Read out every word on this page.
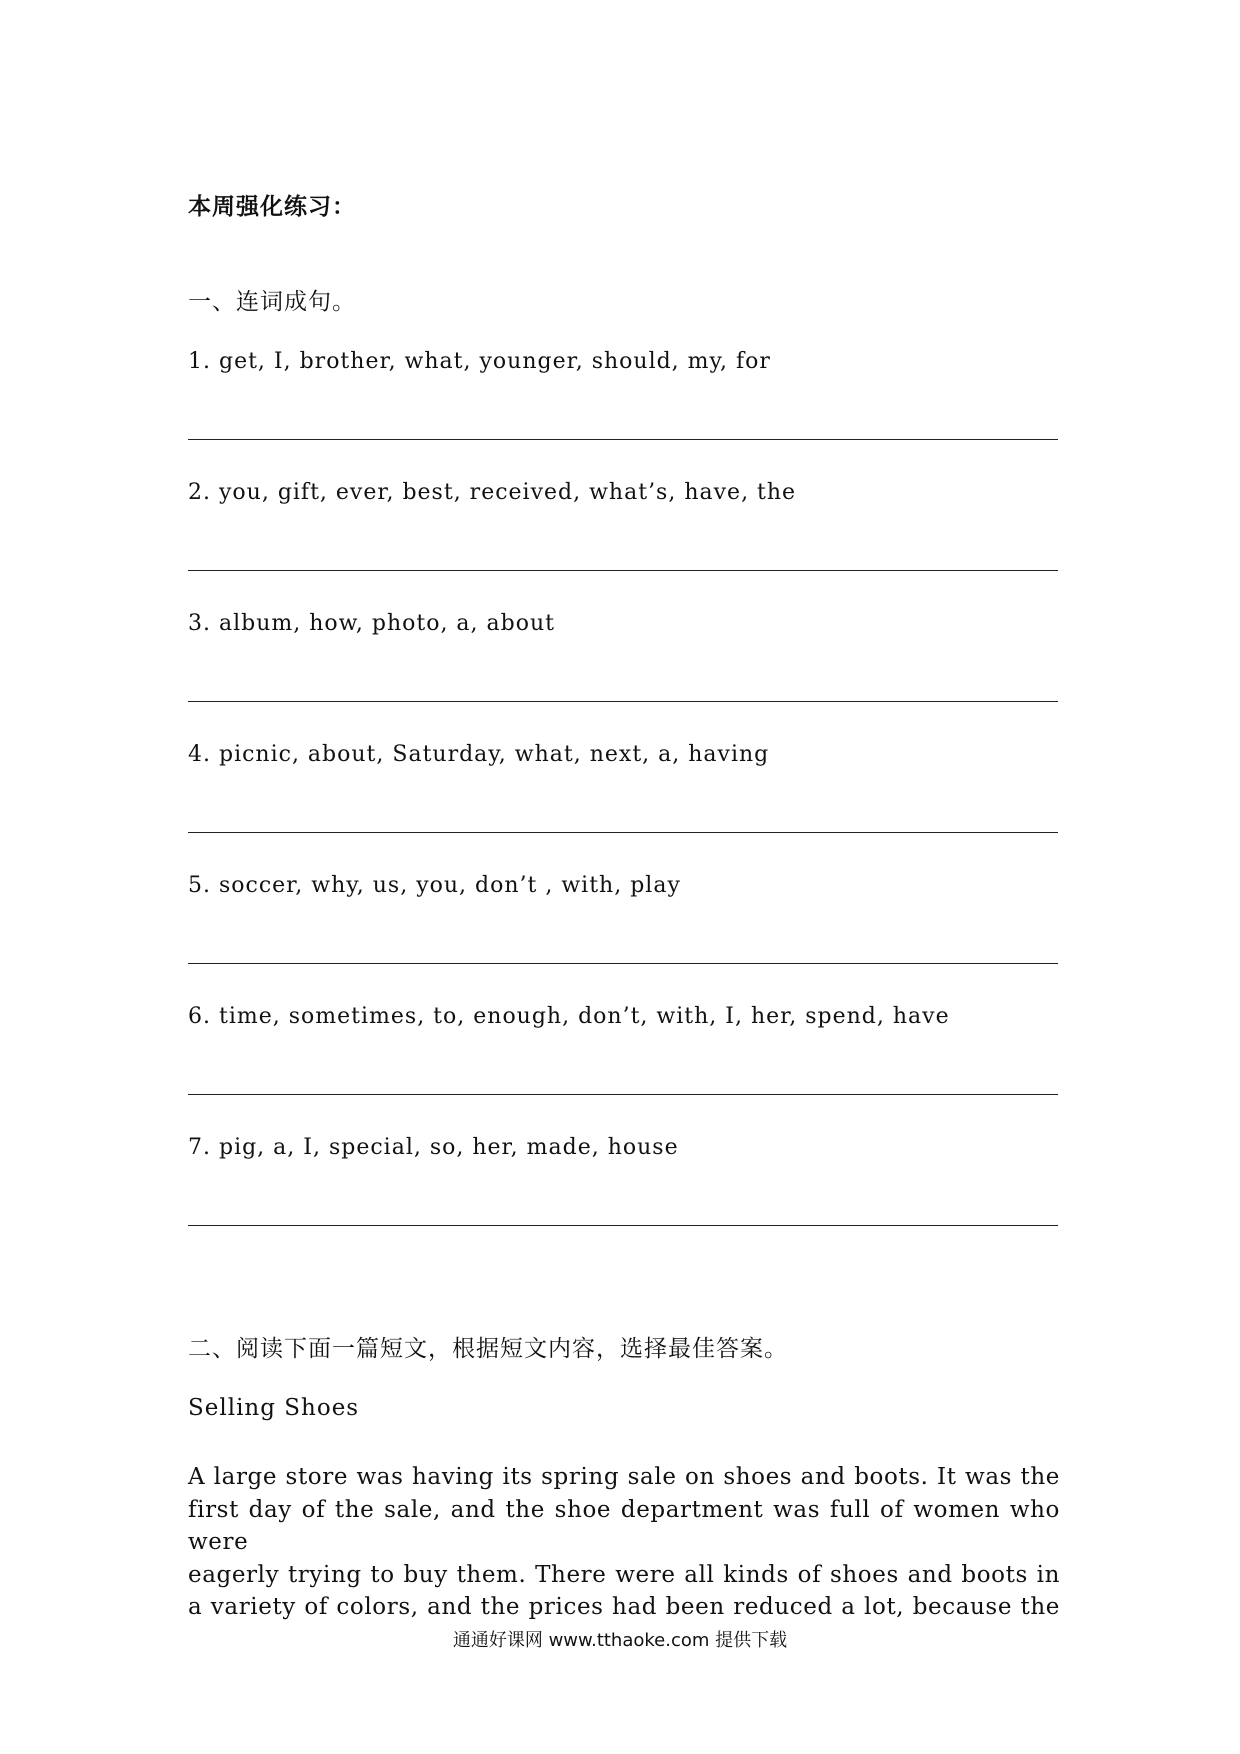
本周强化练习：
一、连词成句。
1. get, I, brother, what, younger, should, my, for
2. you, gift, ever, best, received, what’s, have, the
3. album, how, photo, a, about
4. picnic, about, Saturday, what, next, a, having
5. soccer, why, us, you, don’t , with, play
6. time, sometimes, to, enough, don’t, with, I, her, spend, have
7. pig, a, I, special, so, her, made, house
二、阅读下面一篇短文，根据短文内容，选择最佳答案。
Selling Shoes
A large store was having its spring sale on shoes and boots. It was the
first day of the sale, and the shoe department was full of women who were
eagerly trying to buy them. There were all kinds of shoes and boots in
a variety of colors, and the prices had been reduced a lot, because the
通通好课网 www.tthaoke.com 提供下载
